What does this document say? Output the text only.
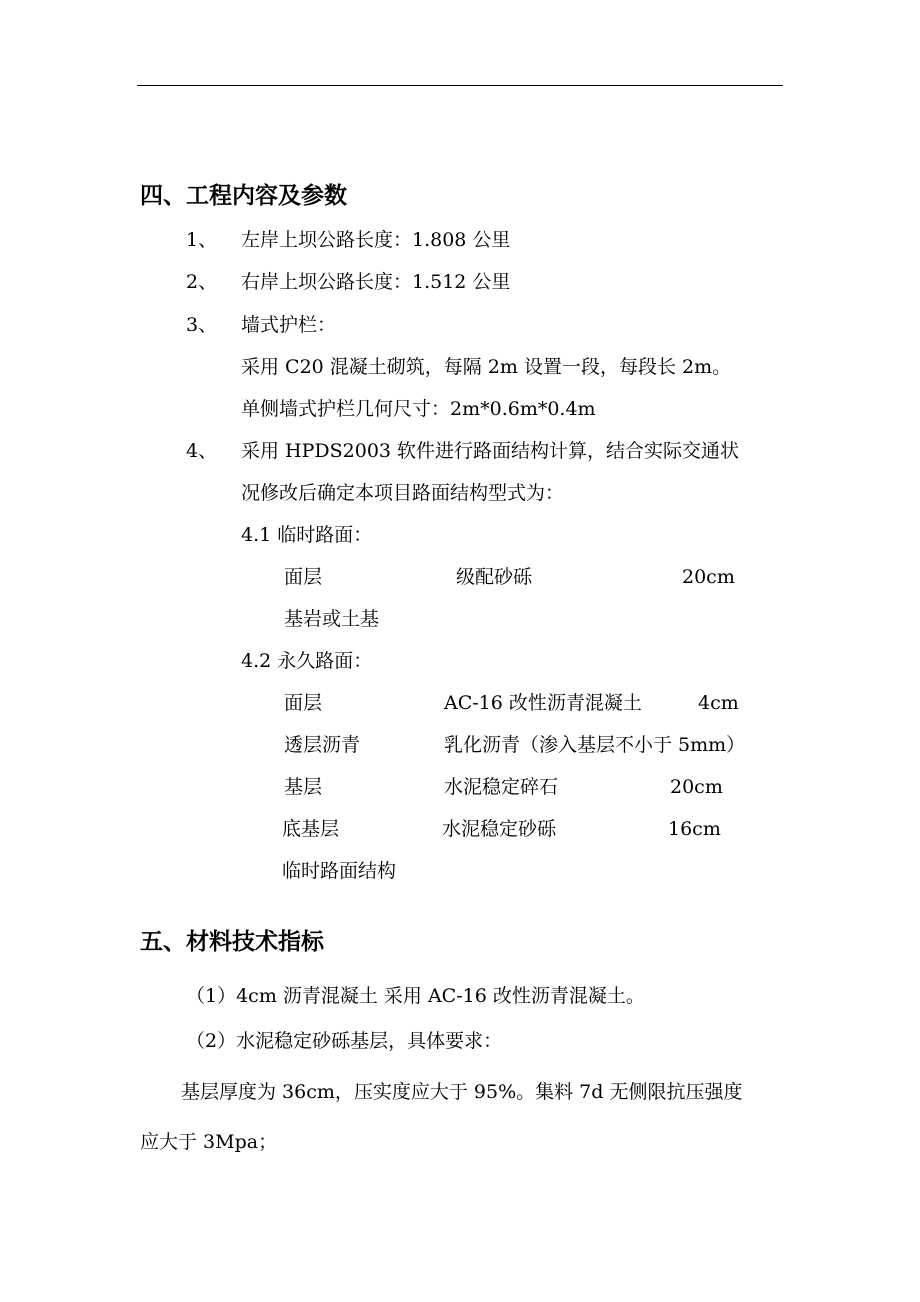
四、工程内容及参数
1、 左岸上坝公路长度：1.808 公里
2、 右岸上坝公路长度：1.512 公里
3、 墙式护栏：
采用 C20 混凝土砌筑，每隔 2m 设置一段，每段长 2m。
单侧墙式护栏几何尺寸：2m*0.6m*0.4m
4、 采用 HPDS2003 软件进行路面结构计算，结合实际交通状
况修改后确定本项目路面结构型式为：
4.1 临时路面：
面层	级配砂砾	20cm
基岩或土基
4.2 永久路面：
面层	AC-16 改性沥青混凝土	4cm
透层沥青	乳化沥青（渗入基层不小于 5mm）
基层	水泥稳定碎石	20cm
底基层	水泥稳定砂砾	16cm
临时路面结构
五、材料技术指标
（1）4cm 沥青混凝土 采用 AC-16 改性沥青混凝土。
（2）水泥稳定砂砾基层，具体要求：
基层厚度为 36cm，压实度应大于 95%。集料 7d 无侧限抗压强度
应大于 3Mpa；
